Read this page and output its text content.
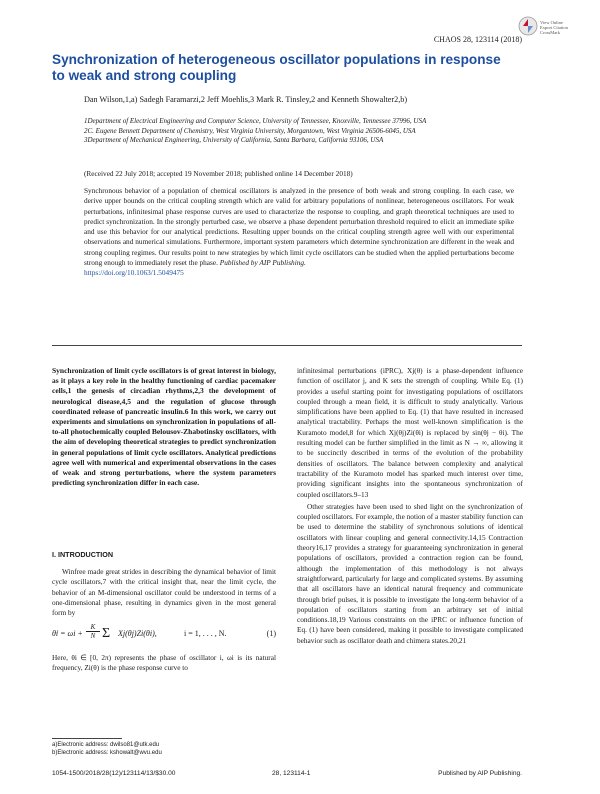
CHAOS 28, 123114 (2018)
View Online
Export Citation
CrossMark
Synchronization of heterogeneous oscillator populations in response to weak and strong coupling
Dan Wilson,1,a) Sadegh Faramarzi,2 Jeff Moehlis,3 Mark R. Tinsley,2 and Kenneth Showalter2,b)

1Department of Electrical Engineering and Computer Science, University of Tennessee, Knoxville, Tennessee 37996, USA

2C. Eugene Bennett Department of Chemistry, West Virginia University, Morgantown, West Virginia 26506-6045, USA

3Department of Mechanical Engineering, University of California, Santa Barbara, California 93106, USA

(Received 22 July 2018; accepted 19 November 2018; published online 14 December 2018)
Synchronous behavior of a population of chemical oscillators is analyzed in the presence of both weak and strong coupling. In each case, we derive upper bounds on the critical coupling strength which are valid for arbitrary populations of nonlinear, heterogeneous oscillators. For weak perturbations, infinitesimal phase response curves are used to characterize the response to coupling, and graph theoretical techniques are used to predict synchronization. In the strongly perturbed case, we observe a phase dependent perturbation threshold required to elicit an immediate spike and use this behavior for our analytical predictions. Resulting upper bounds on the critical coupling strength agree well with our experimental observations and numerical simulations. Furthermore, important system parameters which determine synchronization are different in the weak and strong coupling regimes. Our results point to new strategies by which limit cycle oscillators can be studied when the applied perturbations become strong enough to immediately reset the phase. Published by AIP Publishing.
https://doi.org/10.1063/1.5049475
Synchronization of limit cycle oscillators is of great interest in biology, as it plays a key role in the healthy functioning of cardiac pacemaker cells,1 the genesis of circadian rhythms,2,3 the development of neurological disease,4,5 and the regulation of glucose through coordinated release of pancreatic insulin.6 In this work, we carry out experiments and simulations on synchronization in populations of all-to-all photochemically coupled Belousov-Zhabotinsky oscillators, with the aim of developing theoretical strategies to predict synchronization in general populations of limit cycle oscillators. Analytical predictions agree well with numerical and experimental observations in the cases of weak and strong perturbations, where the system parameters predicting synchronization differ in each case.
I. INTRODUCTION
Winfree made great strides in describing the dynamical behavior of limit cycle oscillators,7 with the critical insight that, near the limit cycle, the behavior of an M-dimensional oscillator could be understood in terms of a one-dimensional phase, resulting in dynamics given in the most general form by
θ̇i = $\omega i + \frac{K}{N}$ Σ Xj(θj)Zi(θi),	i = 1, . . . , N.	(1)
Here, θi ∈ [0, 2π) represents the phase of oscillator i, ωi is its natural frequency, Zi(θ) is the phase response curve to
a)Electronic address: dwilso81@utk.edu
b)Electronic address: kshowalt@wvu.edu

infinitesimal perturbations (iPRC), Xj(θ) is a phase-dependent influence function of oscillator j, and K sets the strength of coupling. While Eq. (1) provides a useful starting point for investigating populations of oscillators coupled through a mean field, it is difficult to study analytically. Various simplifications have been applied to Eq. (1) that have resulted in increased analytical tractability. Perhaps the most well-known simplification is the Kuramoto model,8 for which Xj(θj)Zi(θi) is replaced by sin(θj − θi). The resulting model can be further simplified in the limit as N → ∞, allowing it to be succinctly described in terms of the evolution of the probability densities of oscillators. The balance between complexity and analytical tractability of the Kuramoto model has sparked much interest over time, providing significant insights into the spontaneous synchronization of coupled oscillators.9–13

Other strategies have been used to shed light on the synchronization of coupled oscillators. For example, the notion of a master stability function can be used to determine the stability of synchronous solutions of identical oscillators with linear coupling and general connectivity.14,15 Contraction theory16,17 provides a strategy for guaranteeing synchronization in general populations of oscillators, provided a contraction region can be found, although the implementation of this methodology is not always straightforward, particularly for large and complicated systems. By assuming that all oscillators have an identical natural frequency and communicate through brief pulses, it is possible to investigate the long-term behavior of a population of oscillators starting from an arbitrary set of initial conditions.18,19 Various constraints on the iPRC or influence function of Eq. (1) have been considered, making it possible to investigate complicated behavior such as oscillator death and chimera states.20,21

1054-1500/2018/28(12)/123114/13/$30.00	28, 123114-1	Published by AIP Publishing.
